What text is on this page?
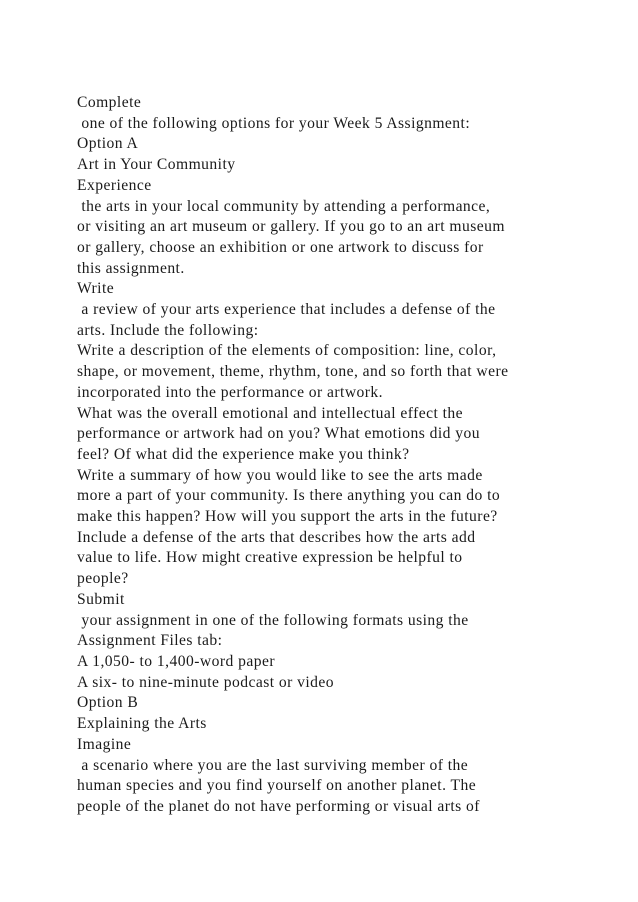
Complete
one of the following options for your Week 5 Assignment:
Option A
Art in Your Community
Experience
the arts in your local community by attending a performance,
or visiting an art museum or gallery. If you go to an art museum
or gallery, choose an exhibition or one artwork to discuss for
this assignment.
Write
a review of your arts experience that includes a defense of the
arts. Include the following:
Write a description of the elements of composition: line, color,
shape, or movement, theme, rhythm, tone, and so forth that were
incorporated into the performance or artwork.
What was the overall emotional and intellectual effect the
performance or artwork had on you? What emotions did you
feel? Of what did the experience make you think?
Write a summary of how you would like to see the arts made
more a part of your community. Is there anything you can do to
make this happen? How will you support the arts in the future?
Include a defense of the arts that describes how the arts add
value to life. How might creative expression be helpful to
people?
Submit
your assignment in one of the following formats using the
Assignment Files tab:
A 1,050- to 1,400-word paper
A six- to nine-minute podcast or video
Option B
Explaining the Arts
Imagine
a scenario where you are the last surviving member of the
human species and you find yourself on another planet. The
people of the planet do not have performing or visual arts of
